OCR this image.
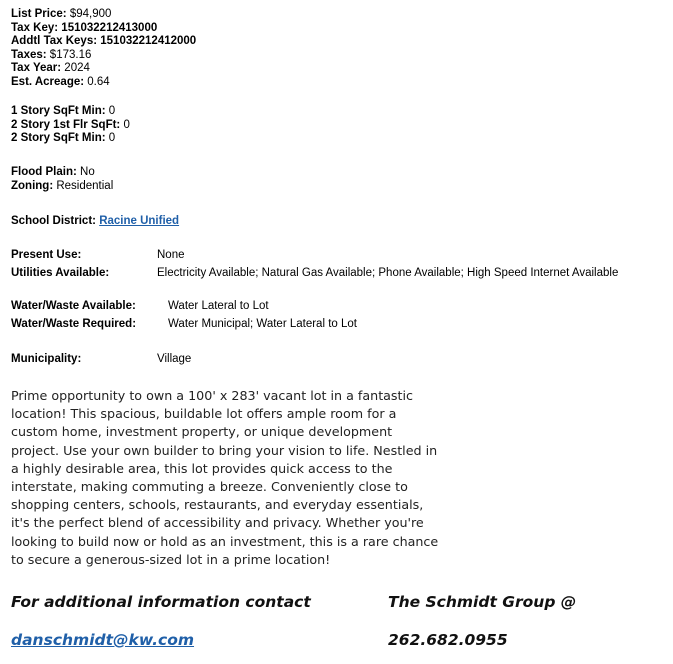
List Price: $94,900
Tax Key: 151032212413000
Addtl Tax Keys: 151032212412000
Taxes: $173.16
Tax Year: 2024
Est. Acreage: 0.64
1 Story SqFt Min: 0
2 Story 1st Flr SqFt: 0
2 Story SqFt Min: 0
Flood Plain: No
Zoning: Residential
School District: Racine Unified
Present Use:	None
Utilities Available:	Electricity Available; Natural Gas Available; Phone Available; High Speed Internet Available
Water/Waste Available:	Water Lateral to Lot
Water/Waste Required:	Water Municipal; Water Lateral to Lot
Municipality:	Village
Prime opportunity to own a 100' x 283' vacant lot in a fantastic
location! This spacious, buildable lot offers ample room for a
custom home, investment property, or unique development
project. Use your own builder to bring your vision to life. Nestled in
a highly desirable area, this lot provides quick access to the
interstate, making commuting a breeze. Conveniently close to
shopping centers, schools, restaurants, and everyday essentials,
it's the perfect blend of accessibility and privacy. Whether you're
looking to build now or hold as an investment, this is a rare chance
to secure a generous-sized lot in a prime location!
For additional information contact	The Schmidt Group @
danschmidt@kw.com	262.682.0955
